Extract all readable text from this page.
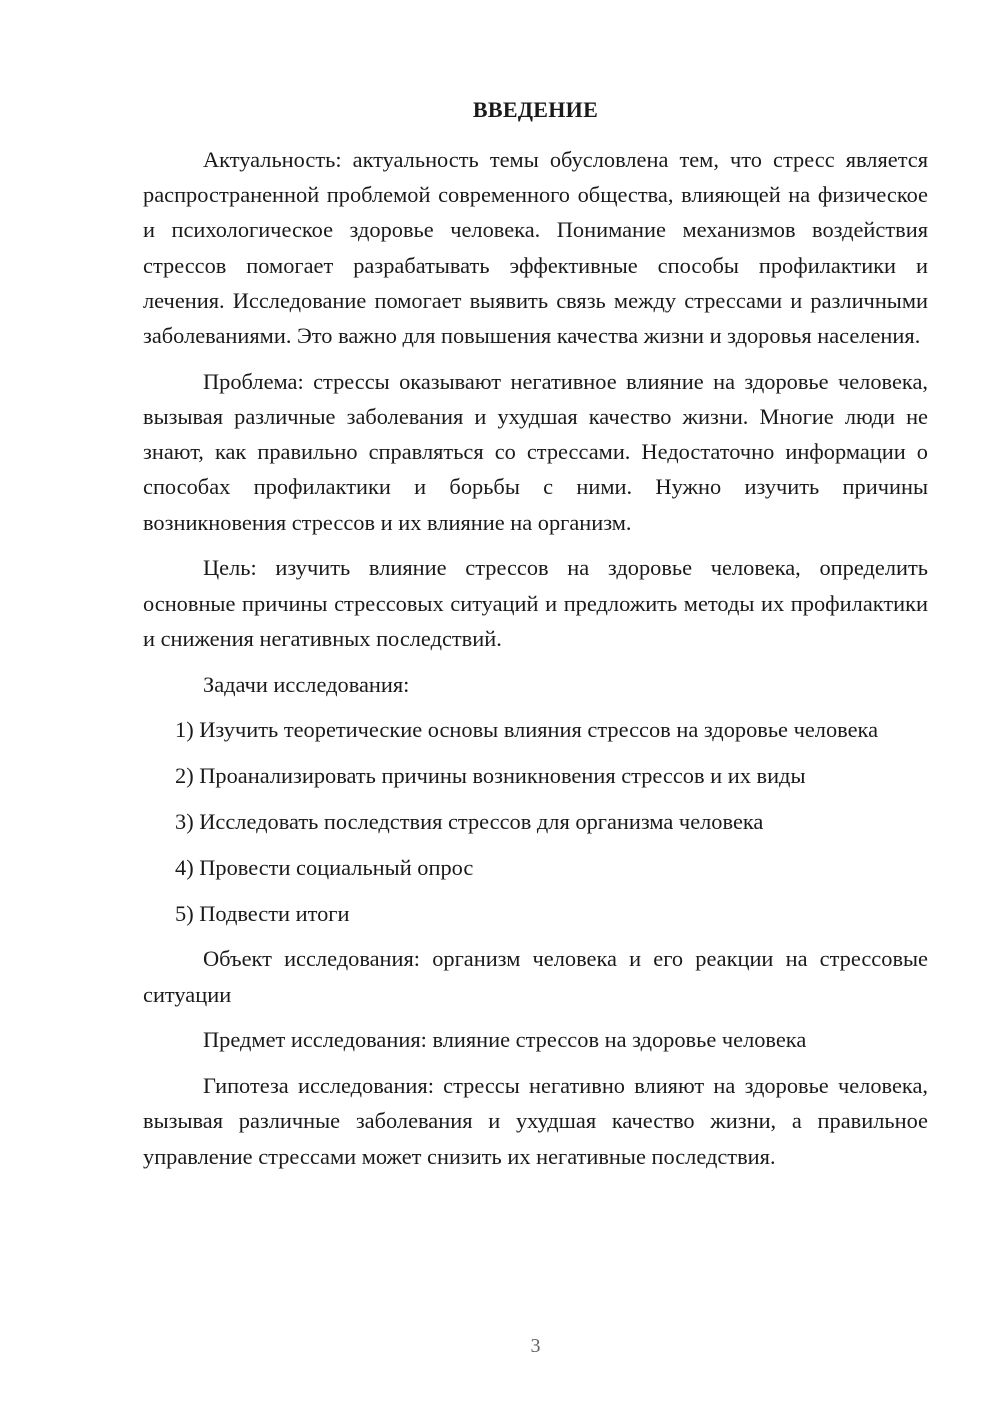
ВВЕДЕНИЕ

Актуальность: актуальность темы обусловлена тем, что стресс является распространенной проблемой современного общества, влияющей на физическое и психологическое здоровье человека. Понимание механизмов воздействия стрессов помогает разрабатывать эффективные способы профилактики и лечения. Исследование помогает выявить связь между стрессами и различными заболеваниями. Это важно для повышения качества жизни и здоровья населения.

Проблема: стрессы оказывают негативное влияние на здоровье человека, вызывая различные заболевания и ухудшая качество жизни. Многие люди не знают, как правильно справляться со стрессами. Недостаточно информации о способах профилактики и борьбы с ними. Нужно изучить причины возникновения стрессов и их влияние на организм.

Цель: изучить влияние стрессов на здоровье человека, определить основные причины стрессовых ситуаций и предложить методы их профилактики и снижения негативных последствий.

Задачи исследования:

1) Изучить теоретические основы влияния стрессов на здоровье человека

2) Проанализировать причины возникновения стрессов и их виды

3) Исследовать последствия стрессов для организма человека

4) Провести социальный опрос

5) Подвести итоги

Объект исследования: организм человека и его реакции на стрессовые ситуации

Предмет исследования: влияние стрессов на здоровье человека

Гипотеза исследования: стрессы негативно влияют на здоровье человека, вызывая различные заболевания и ухудшая качество жизни, а правильное управление стрессами может снизить их негативные последствия.

3
